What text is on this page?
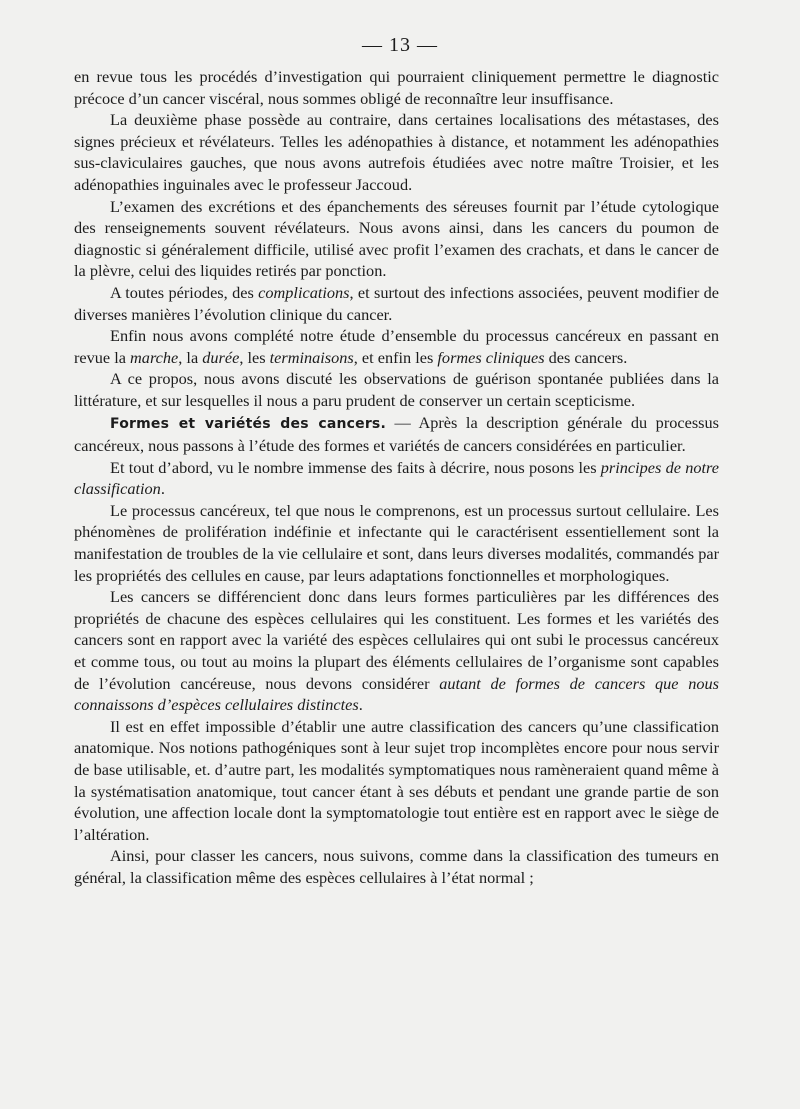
— 13 —

en revue tous les procédés d’investigation qui pourraient cliniquement permettre le diagnostic précoce d’un cancer viscéral, nous sommes obligé de reconnaître leur insuffisance.

La deuxième phase possède au contraire, dans certaines localisations des métastases, des signes précieux et révélateurs. Telles les adénopathies à distance, et notamment les adénopathies sus-claviculaires gauches, que nous avons autrefois étudiées avec notre maître Troisier, et les adénopathies inguinales avec le professeur Jaccoud.

L’examen des excrétions et des épanchements des séreuses fournit par l’étude cytologique des renseignements souvent révélateurs. Nous avons ainsi, dans les cancers du poumon de diagnostic si généralement difficile, utilisé avec profit l’examen des crachats, et dans le cancer de la plèvre, celui des liquides retirés par ponction.

A toutes périodes, des complications, et surtout des infections associées, peuvent modifier de diverses manières l’évolution clinique du cancer.

Enfin nous avons complété notre étude d’ensemble du processus cancéreux en passant en revue la marche, la durée, les terminaisons, et enfin les formes cliniques des cancers.

A ce propos, nous avons discuté les observations de guérison spontanée publiées dans la littérature, et sur lesquelles il nous a paru prudent de conserver un certain scepticisme.

Formes et variétés des cancers. — Après la description générale du processus cancéreux, nous passons à l’étude des formes et variétés de cancers considérées en particulier.

Et tout d’abord, vu le nombre immense des faits à décrire, nous posons les principes de notre classification.

Le processus cancéreux, tel que nous le comprenons, est un processus surtout cellulaire. Les phénomènes de prolifération indéfinie et infectante qui le caractérisent essentiellement sont la manifestation de troubles de la vie cellulaire et sont, dans leurs diverses modalités, commandés par les propriétés des cellules en cause, par leurs adaptations fonctionnelles et morphologiques.

Les cancers se différencient donc dans leurs formes particulières par les différences des propriétés de chacune des espèces cellulaires qui les constituent. Les formes et les variétés des cancers sont en rapport avec la variété des espèces cellulaires qui ont subi le processus cancéreux et comme tous, ou tout au moins la plupart des éléments cellulaires de l’organisme sont capables de l’évolution cancéreuse, nous devons considérer autant de formes de cancers que nous connaissons d’espèces cellulaires distinctes.

Il est en effet impossible d’établir une autre classification des cancers qu’une classification anatomique. Nos notions pathogéniques sont à leur sujet trop incomplètes encore pour nous servir de base utilisable, et. d’autre part, les modalités symptomatiques nous ramèneraient quand même à la systématisation anatomique, tout cancer étant à ses débuts et pendant une grande partie de son évolution, une affection locale dont la symptomatologie tout entière est en rapport avec le siège de l’altération.

Ainsi, pour classer les cancers, nous suivons, comme dans la classification des tumeurs en général, la classification même des espèces cellulaires à l’état normal ;
